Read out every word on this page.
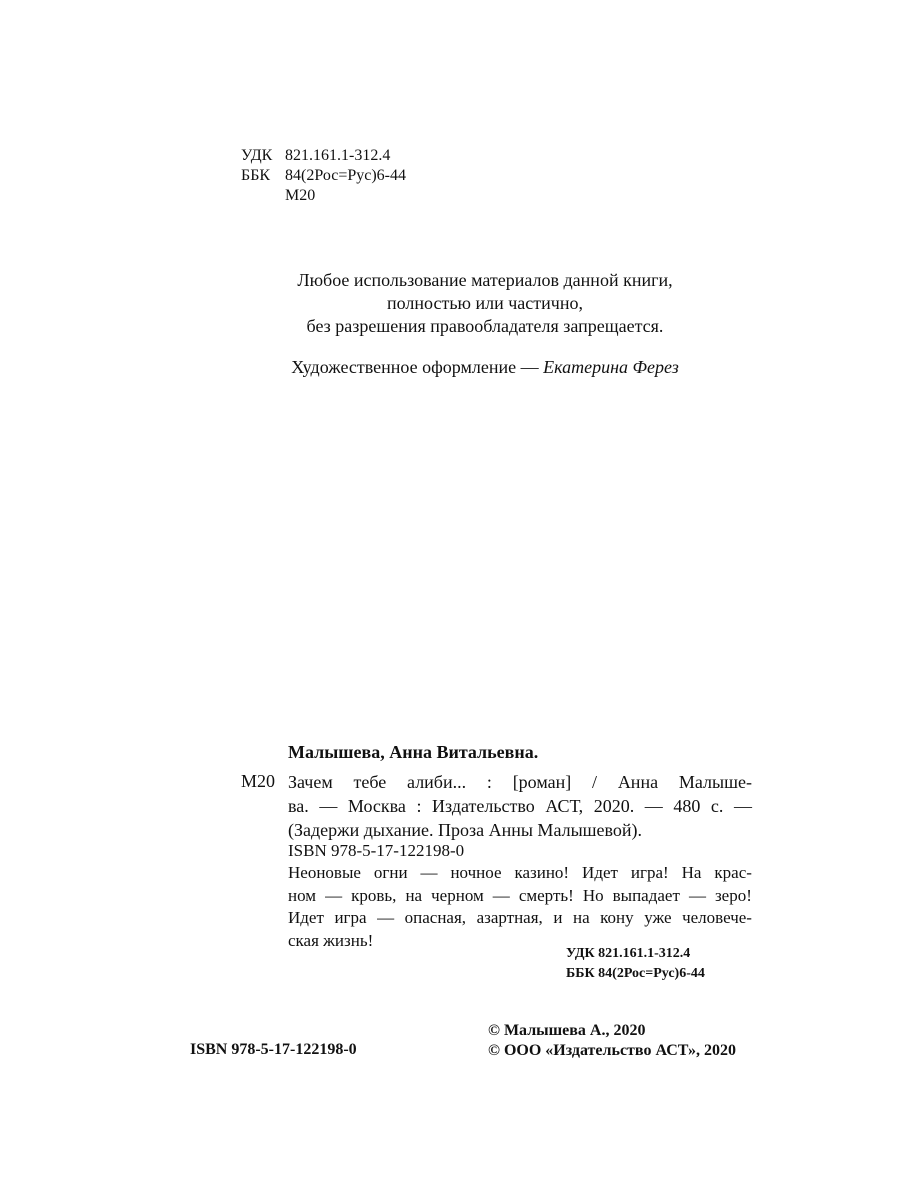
УДК 821.161.1-312.4
ББК 84(2Рос=Рус)6-44
М20
Любое использование материалов данной книги,
полностью или частично,
без разрешения правообладателя запрещается.
Художественное оформление — Екатерина Ферез
Малышева, Анна Витальевна.
М20 Зачем тебе алиби... : [роман] / Анна Малыше-
ва. — Москва : Издательство АСТ, 2020. — 480 с. —
(Задержи дыхание. Проза Анны Малышевой).
ISBN 978-5-17-122198-0
Неоновые огни — ночное казино! Идет игра! На крас-
ном — кровь, на черном — смерть! Но выпадает — зеро!
Идет игра — опасная, азартная, и на кону уже человече-
ская жизнь!
УДК 821.161.1-312.4
ББК 84(2Рос=Рус)6-44
ISBN 978-5-17-122198-0
© Малышева А., 2020
© ООО «Издательство АСТ», 2020
